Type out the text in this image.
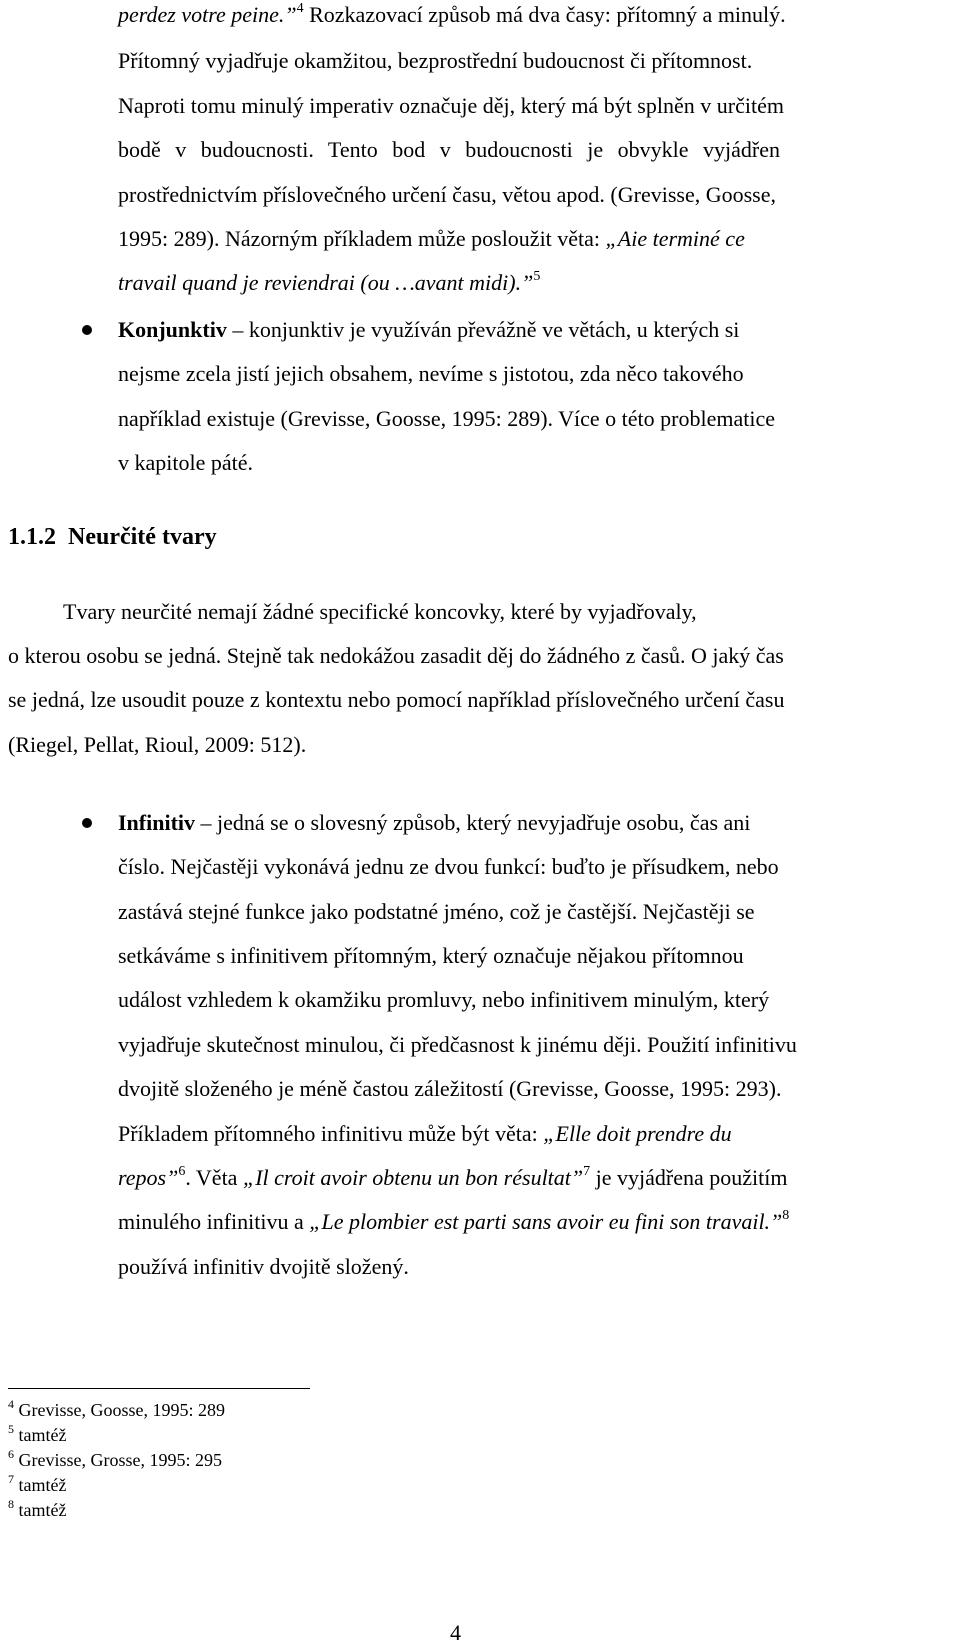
perdez votre peine.”$^4$ Rozkazovací způsob má dva časy: přítomný a minulý.
Přítomný vyjadřuje okamžitou, bezprostřední budoucnost či přítomnost.
Naproti tomu minulý imperativ označuje děj, který má být splněn v určitém
bodě v budoucnosti. Tento bod v budoucnosti je obvykle vyjádřen
prostřednictvím příslovečného určení času, větou apod. (Grevisse, Goosse,
1995: 289). Názorným příkladem může posloužit věta: „Aie terminé ce
travail quand je reviendrai (ou …avant midi).”$^5$
Konjunktiv – konjunktiv je využíván převážně ve větách, u kterých si
nejsme zcela jistí jejich obsahem, nevíme s jistotou, zda něco takového
například existuje (Grevisse, Goosse, 1995: 289). Více o této problematice
v kapitole páté.
1.1.2 Neurčité tvary
Tvary neurčité nemají žádné specifické koncovky, které by vyjadřovaly,
o kterou osobu se jedná. Stejně tak nedokážou zasadit děj do žádného z časů. O jaký čas
se jedná, lze usoudit pouze z kontextu nebo pomocí například příslovečného určení času
(Riegel, Pellat, Rioul, 2009: 512).
Infinitiv – jedná se o slovesný způsob, který nevyjadřuje osobu, čas ani
číslo. Nejčastěji vykonává jednu ze dvou funkcí: buďto je přísudkem, nebo
zastává stejné funkce jako podstatné jméno, což je častější. Nejčastěji se
setkáváme s infinitivem přítomným, který označuje nějakou přítomnou
událost vzhledem k okamžiku promluvy, nebo infinitivem minulým, který
vyjadřuje skutečnost minulou, či předčasnost k jinému ději. Použití infinitivu
dvojitě složeného je méně častou záležitostí (Grevisse, Goosse, 1995: 293).
Příkladem přítomného infinitivu může být věta: „Elle doit prendre du
repos”$^6$. Věta „Il croit avoir obtenu un bon résultat”$^7$ je vyjádřena použitím
minulého infinitivu a „Le plombier est parti sans avoir eu fini son travail.”$^8$
používá infinitiv dvojitě složený.
$^4$ Grevisse, Goosse, 1995: 289
$^5$ tamtéž
$^6$ Grevisse, Grosse, 1995: 295
$^7$ tamtéž
$^8$ tamtéž
4
